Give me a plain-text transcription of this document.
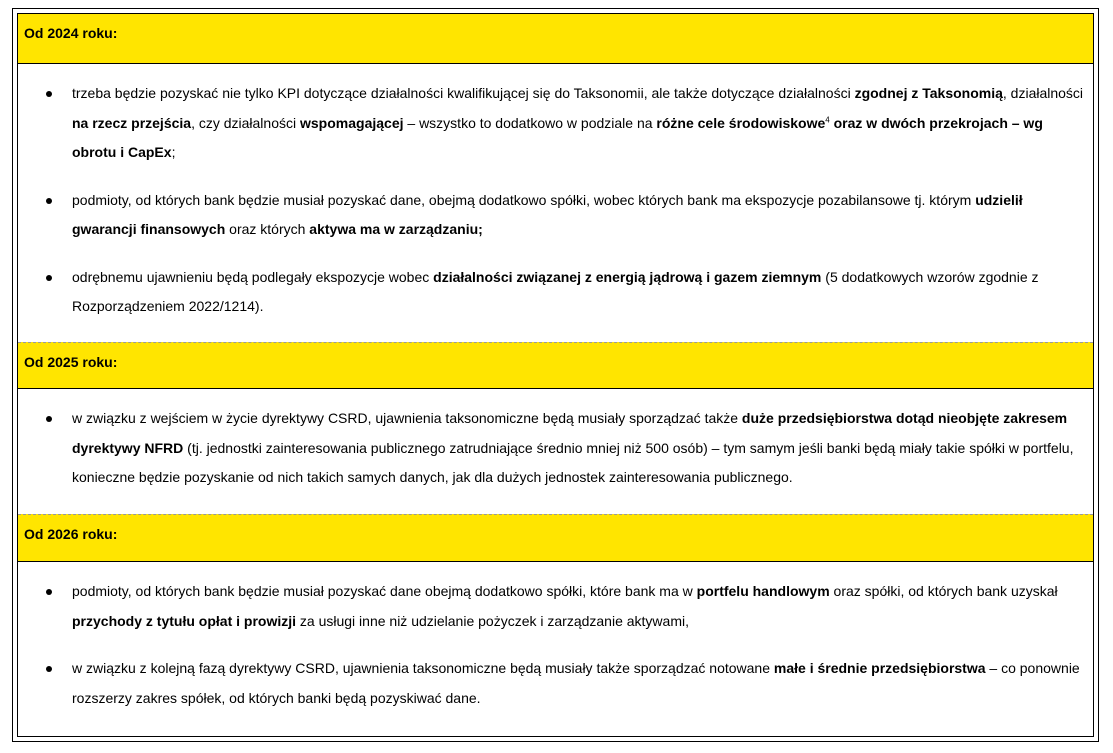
Od 2024 roku:
trzeba będzie pozyskać nie tylko KPI dotyczące działalności kwalifikującej się do Taksonomii, ale także dotyczące działalności zgodnej z Taksonomią, działalności na rzecz przejścia, czy działalności wspomagającej – wszystko to dodatkowo w podziale na różne cele środowiskowe$^4$ oraz w dwóch przekrojach – wg obrotu i CapEx;
podmioty, od których bank będzie musiał pozyskać dane, obejmą dodatkowo spółki, wobec których bank ma ekspozycje pozabilansowe tj. którym udzielił gwarancji finansowych oraz których aktywa ma w zarządzaniu;
odrębnemu ujawnieniu będą podlegały ekspozycje wobec działalności związanej z energią jądrową i gazem ziemnym (5 dodatkowych wzorów zgodnie z Rozporządzeniem 2022/1214).
Od 2025 roku:
w związku z wejściem w życie dyrektywy CSRD, ujawnienia taksonomiczne będą musiały sporządzać także duże przedsiębiorstwa dotąd nieobjęte zakresem dyrektywy NFRD (tj. jednostki zainteresowania publicznego zatrudniające średnio mniej niż 500 osób) – tym samym jeśli banki będą miały takie spółki w portfelu, konieczne będzie pozyskanie od nich takich samych danych, jak dla dużych jednostek zainteresowania publicznego.
Od 2026 roku:
podmioty, od których bank będzie musiał pozyskać dane obejmą dodatkowo spółki, które bank ma w portfelu handlowym oraz spółki, od których bank uzyskał przychody z tytułu opłat i prowizji za usługi inne niż udzielanie pożyczek i zarządzanie aktywami,
w związku z kolejną fazą dyrektywy CSRD, ujawnienia taksonomiczne będą musiały także sporządzać notowane małe i średnie przedsiębiorstwa – co ponownie rozszerzy zakres spółek, od których banki będą pozyskiwać dane.
